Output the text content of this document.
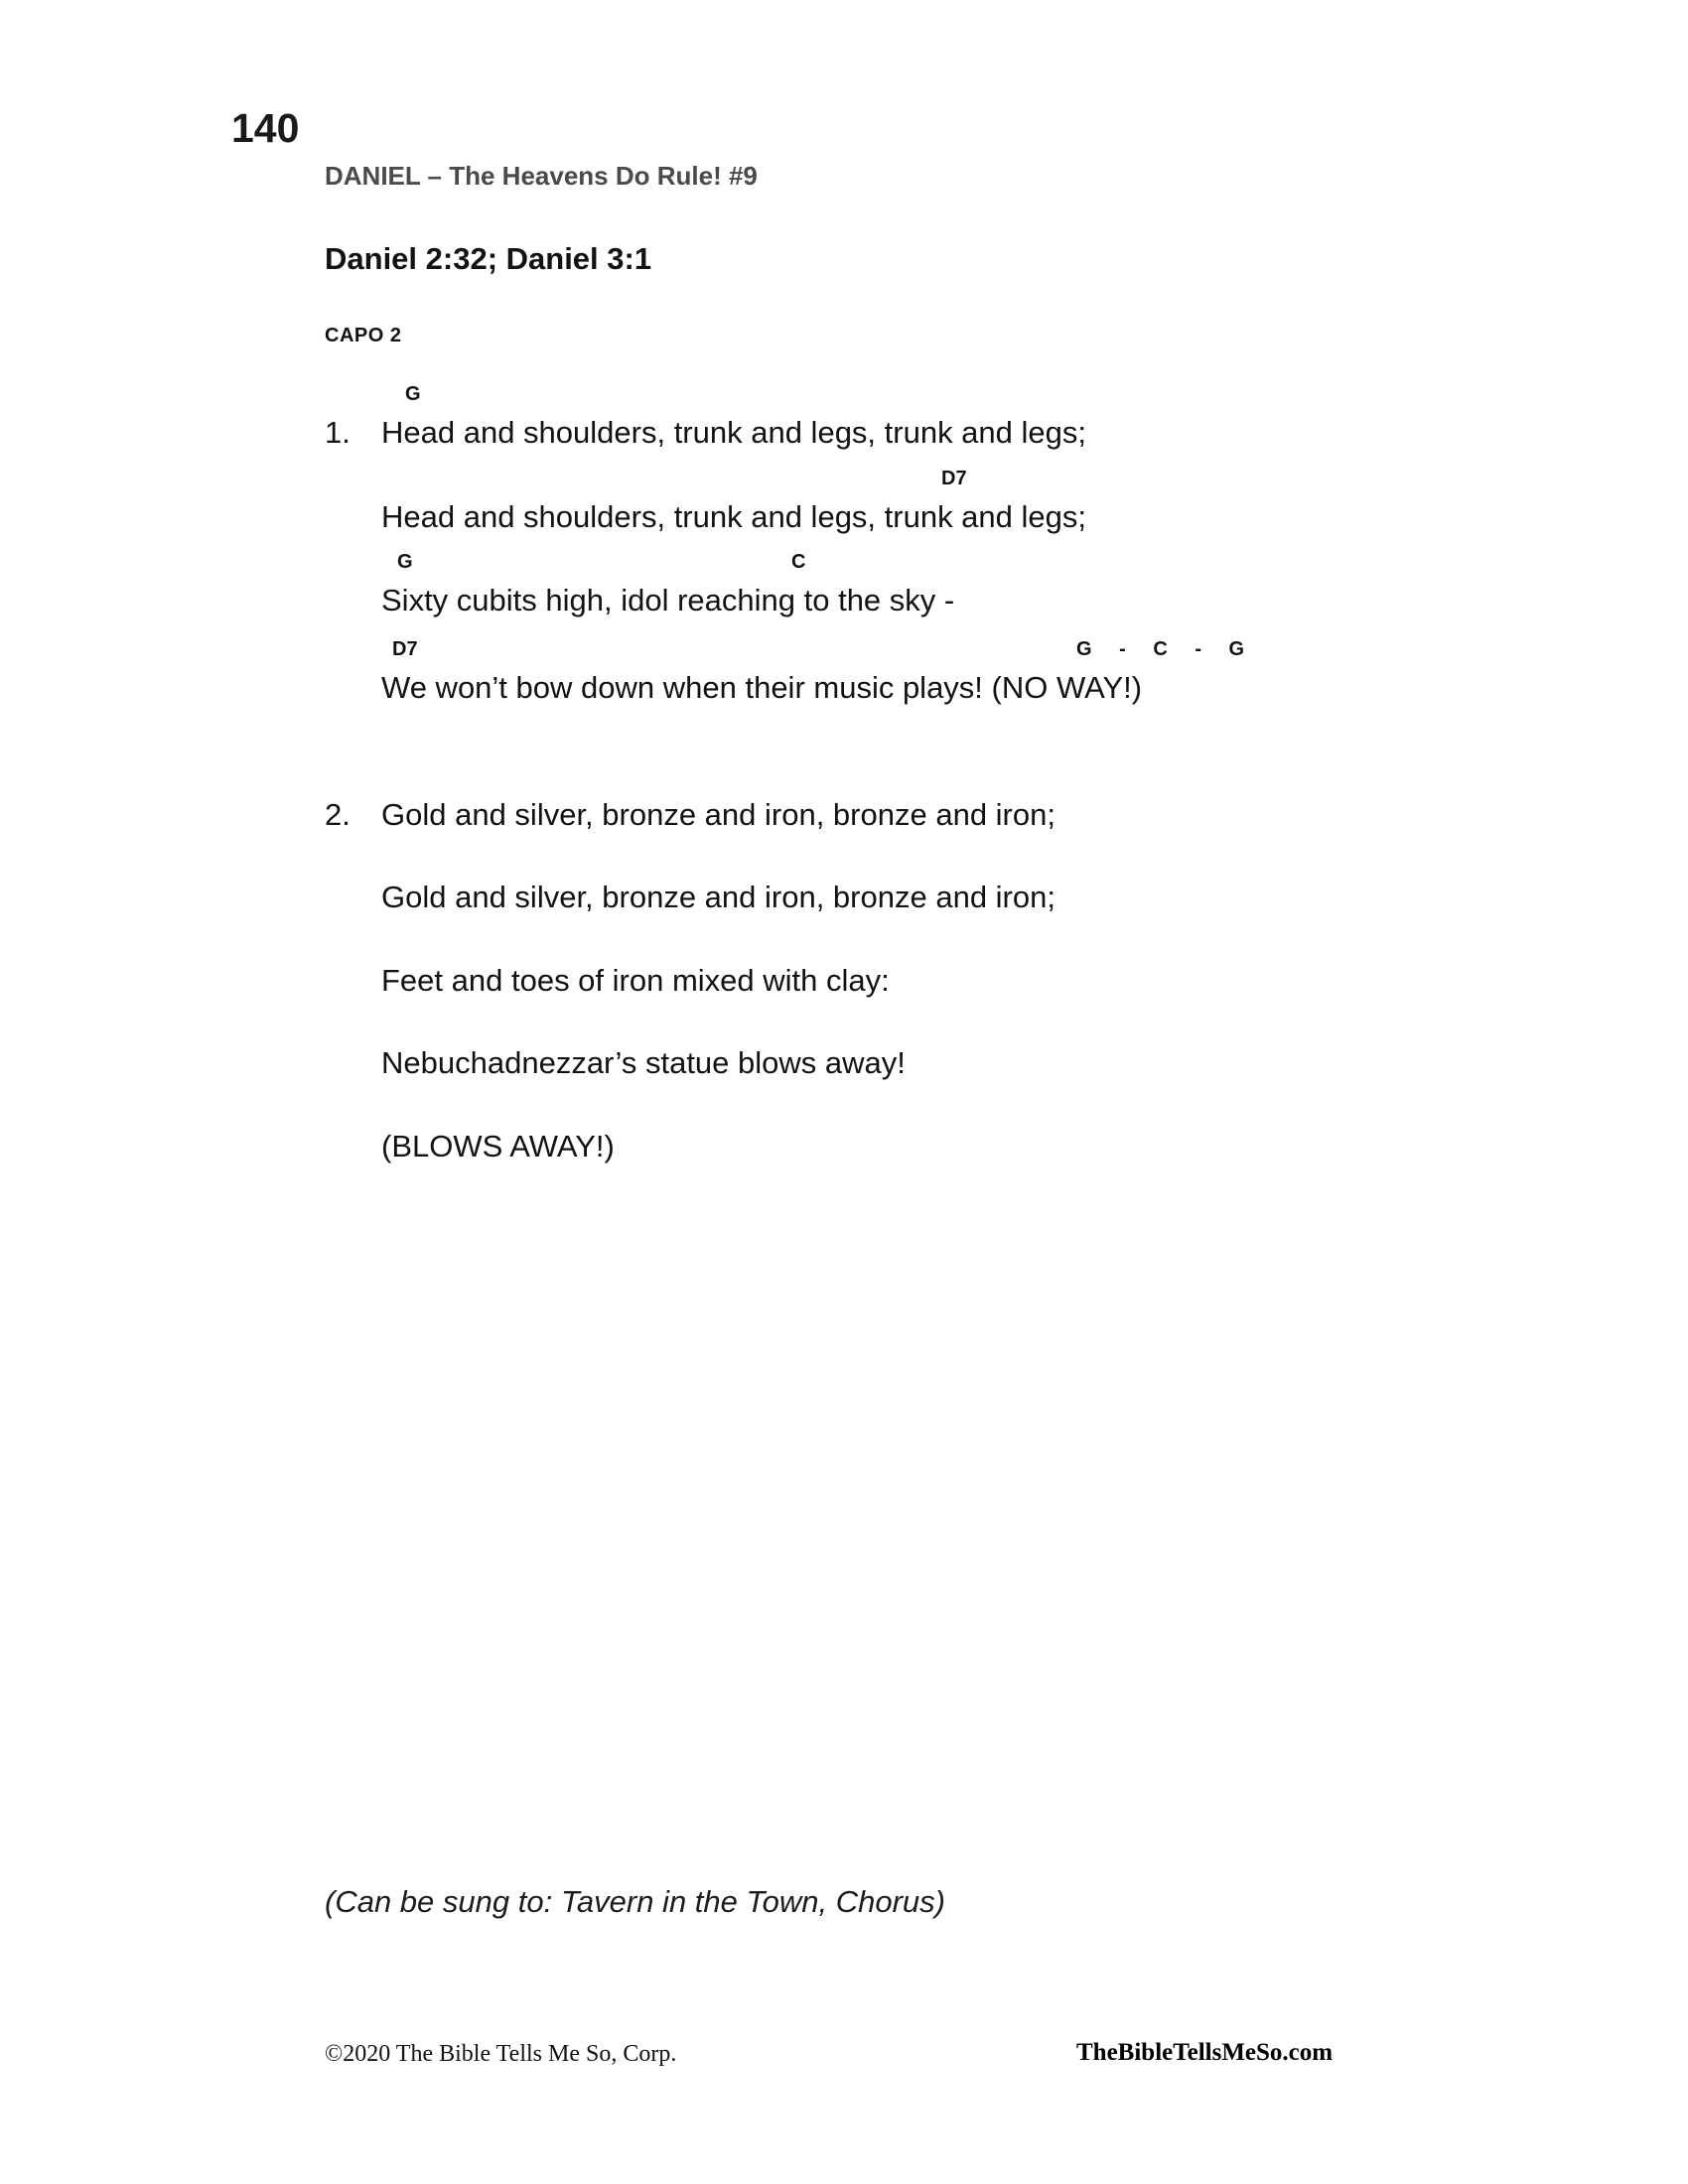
140
DANIEL – The Heavens Do Rule! #9
Daniel 2:32; Daniel 3:1
CAPO 2
G
1. Head and shoulders, trunk and legs, trunk and legs;
D7
Head and shoulders, trunk and legs, trunk and legs;
G	C
Sixty cubits high, idol reaching to the sky -
D7	G - C - G
We won’t bow down when their music plays! (NO WAY!)
2. Gold and silver, bronze and iron, bronze and iron;
Gold and silver, bronze and iron, bronze and iron;
Feet and toes of iron mixed with clay:
Nebuchadnezzar’s statue blows away!
(BLOWS AWAY!)
(Can be sung to: Tavern in the Town, Chorus)
©2020 The Bible Tells Me So, Corp.	TheBibleTellsMeSo.com
